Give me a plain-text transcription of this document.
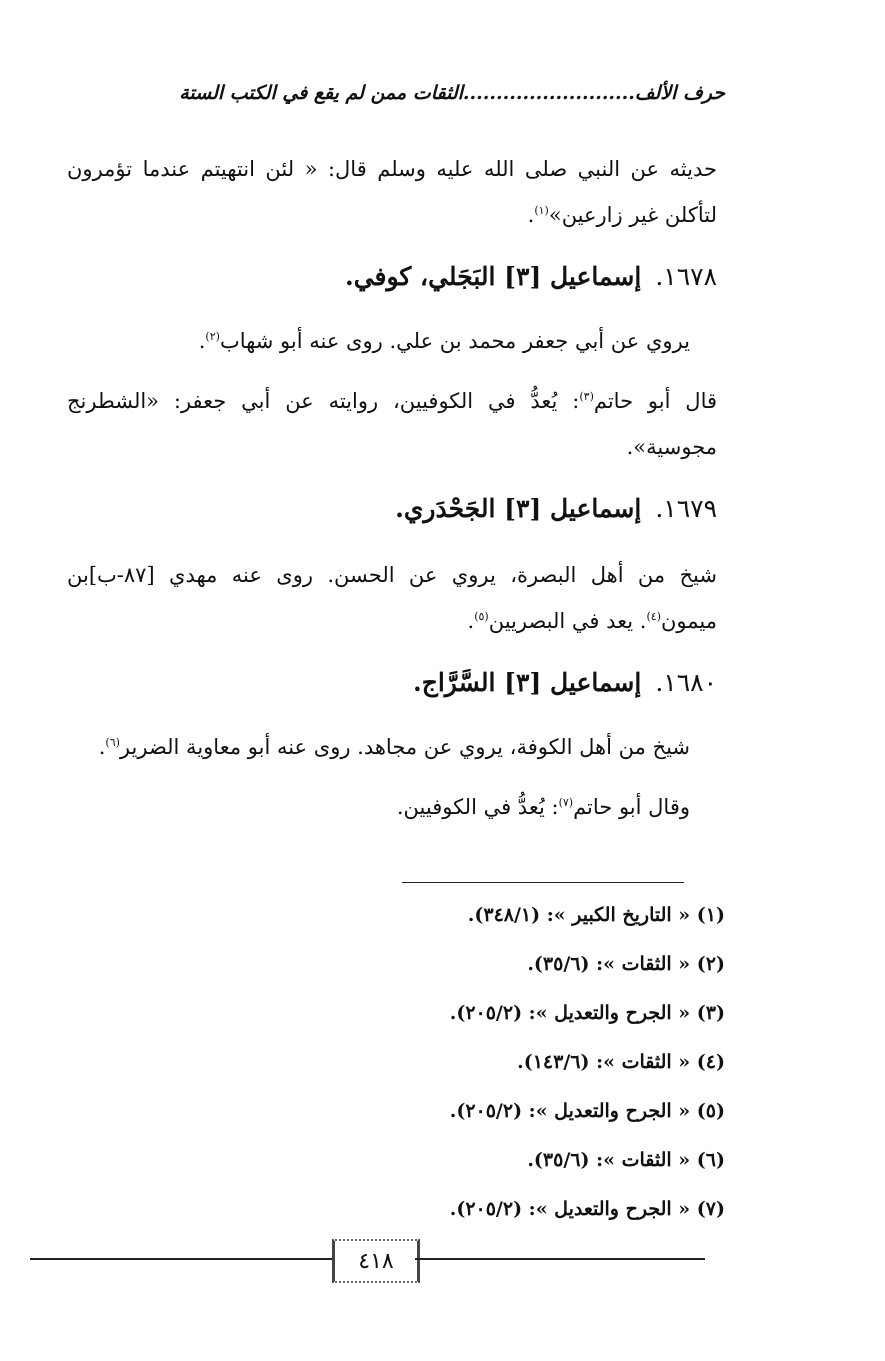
حرف الألف..........................الثقات ممن لم يقع في الكتب الستة
حديثه عن النبي صلى الله عليه وسلم قال: « لئن انتهيتم عندما تؤمرون لتأكلن غير زارعين»$^{(١)}$.
١٦٧٨.إسماعيل [٣] البَجَلي، كوفي.
يروي عن أبي جعفر محمد بن علي. روى عنه أبو شهاب$^{(٢)}$.
قال أبو حاتم$^{(٣)}$: يُعدُّ في الكوفيين، روايته عن أبي جعفر: «الشطرنج مجوسية».
١٦٧٩.إسماعيل [٣] الجَحْدَري.
شيخ من أهل البصرة، يروي عن الحسن. روى عنه مهدي [٨٧-ب]بن ميمون$^{(٤)}$. يعد في البصريين$^{(٥)}$.
١٦٨٠.إسماعيل [٣] السَّرَّاج.
شيخ من أهل الكوفة، يروي عن مجاهد. روى عنه أبو معاوية الضرير$^{(٦)}$.
وقال أبو حاتم$^{(٧)}$: يُعدُّ في الكوفيين.
(١) « التاريخ الكبير »: (٣٤٨/١).
(٢) « الثقات »: (٣٥/٦).
(٣) « الجرح والتعديل »: (٢٠٥/٢).
(٤) « الثقات »: (١٤٣/٦).
(٥) « الجرح والتعديل »: (٢٠٥/٢).
(٦) « الثقات »: (٣٥/٦).
(٧) « الجرح والتعديل »: (٢٠٥/٢).
٤١٨
